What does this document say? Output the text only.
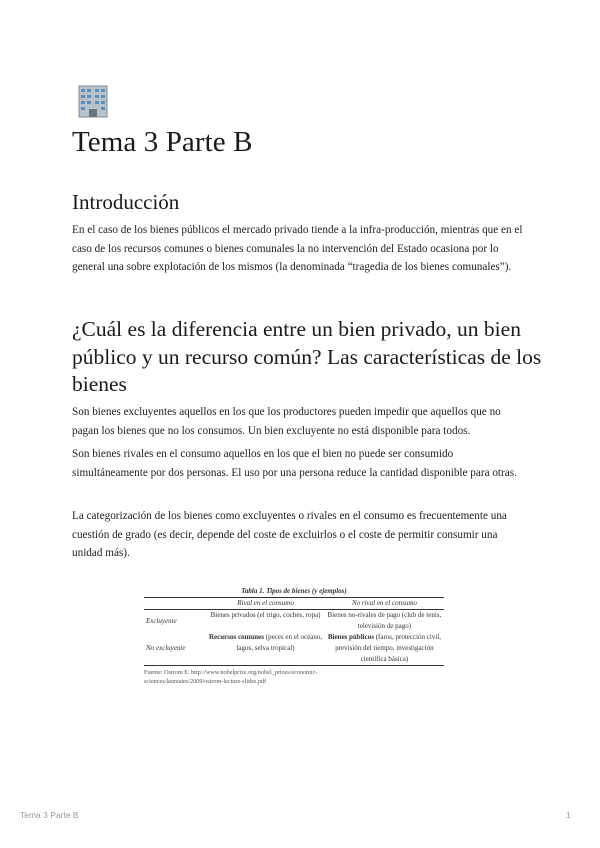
Tema 3 Parte B
Introducción

En el caso de los bienes públicos el mercado privado tiende a la infra-producción, mientras que en el caso de los recursos comunes o bienes comunales la no intervención del Estado ocasiona por lo general una sobre explotación de los mismos (la denominada “tragedia de los bienes comunales”).

¿Cuál es la diferencia entre un bien privado, un bien público y un recurso común? Las características de los bienes

Son bienes excluyentes aquellos en los que los productores pueden impedir que aquellos que no pagan los bienes que no los consumos. Un bien excluyente no está disponible para todos.

Son bienes rivales en el consumo aquellos en los que el bien no puede ser consumido simultáneamente por dos personas. El uso por una persona reduce la cantidad disponible para otras.

La categorización de los bienes como excluyentes o rivales en el consumo es frecuentemente una cuestión de grado (es decir, depende del coste de excluirlos o el coste de permitir consumir una unidad más).

Tabla 1. Tipos de bienes (y ejemplos)
	Rival en el consumo	No rival en el consumo
Excluyente	Bienes privados (el trigo, coches, ropa)	Bienes no-rivales de pago (club de tenis, televisión de pago)
No excluyente	Recursos comunes (peces en el océano, lagos, selva tropical)	Bienes públicos (faros, protección civil, previsión del tiempo, investigación científica básica)
Fuente: Ostrom E. http://www.nobelprize.org/nobel_prizes/economic-sciences/laureates/2009/ostrom-lecture-slides.pdf
Tema 3 Parte B	1
